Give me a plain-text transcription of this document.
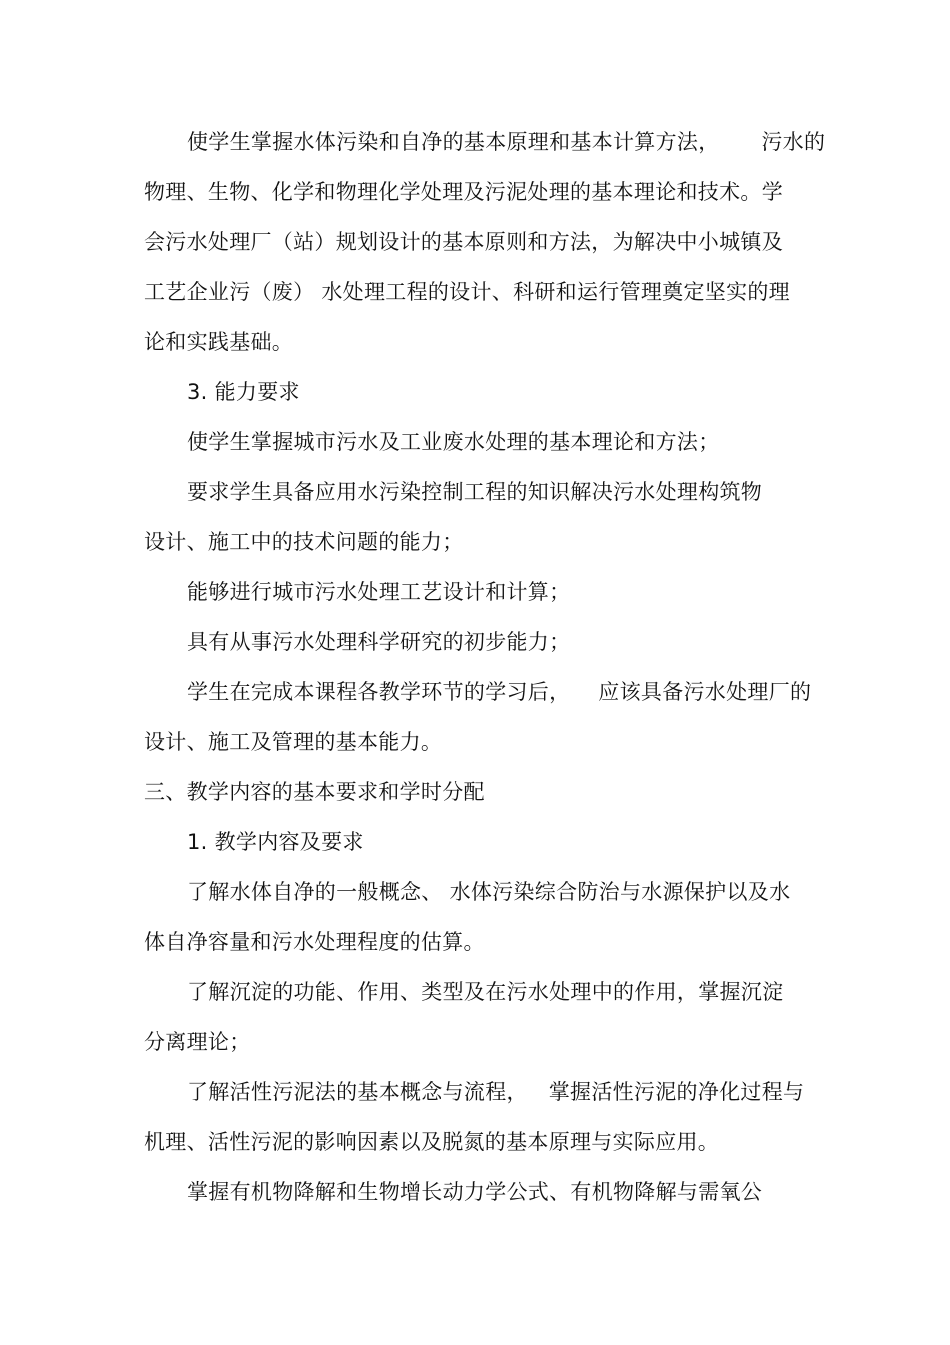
使学生掌握水体污染和自净的基本原理和基本计算方法，      污水的
物理、生物、化学和物理化学处理及污泥处理的基本理论和技术。学
会污水处理厂（站）规划设计的基本原则和方法，为解决中小城镇及
工艺企业污（废） 水处理工程的设计、科研和运行管理奠定坚实的理
论和实践基础。
3. 能力要求
使学生掌握城市污水及工业废水处理的基本理论和方法；
要求学生具备应用水污染控制工程的知识解决污水处理构筑物
设计、施工中的技术问题的能力；
能够进行城市污水处理工艺设计和计算；
具有从事污水处理科学研究的初步能力；
学生在完成本课程各教学环节的学习后，    应该具备污水处理厂的
设计、施工及管理的基本能力。
三、教学内容的基本要求和学时分配
1. 教学内容及要求
了解水体自净的一般概念、 水体污染综合防治与水源保护以及水
体自净容量和污水处理程度的估算。
了解沉淀的功能、作用、类型及在污水处理中的作用，掌握沉淀
分离理论；
了解活性污泥法的基本概念与流程，   掌握活性污泥的净化过程与
机理、活性污泥的影响因素以及脱氮的基本原理与实际应用。
掌握有机物降解和生物增长动力学公式、有机物降解与需氧公
